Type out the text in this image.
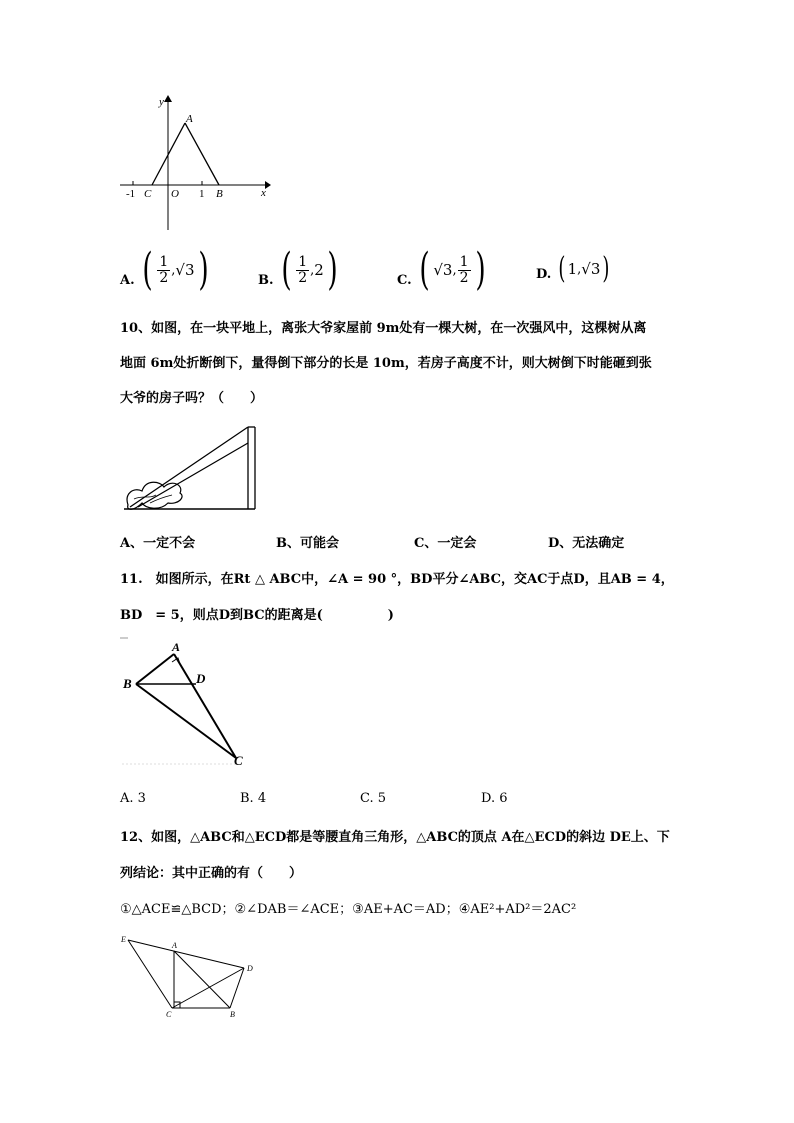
y
x
A
-1 C O 1 B
A. ( $\frac{1}{2}$ , √3 )	B. ( $\frac{1}{2}$ , 2 )	C. ( √3 , $\frac{1}{2}$ )	D. ( 1 , √3 )
10、如图，在一块平地上，离张大爷家屋前 9m处有一棵大树，在一次强风中，这棵树从离
地面 6m处折断倒下，量得倒下部分的长是 10m，若房子高度不计，则大树倒下时能砸到张
大爷的房子吗？（　　）
A、一定不会	B、可能会	C、一定会	D、无法确定
11.　如图所示，在Rt △ ABC中，∠A = 90 °，BD平分∠ABC，交AC于点D，且AB = 4，
BD　= 5，则点D到BC的距离是(　　　　　)
A
B	D
C
A. 3	B. 4	C. 5	D. 6
12、如图，△ABC和△ECD都是等腰直角三角形，△ABC的顶点 A在△ECD的斜边 DE上、下
列结论：其中正确的有（　　）
①△ACE≌△BCD；②∠DAB＝∠ACE；③AE+AC＝AD；④AE²+AD²＝2AC²
E
A
D
C	B
